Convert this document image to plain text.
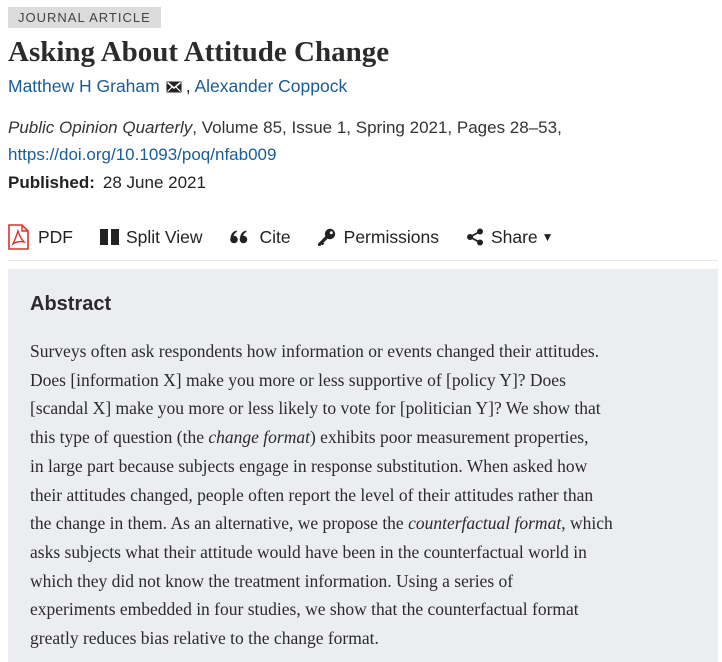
JOURNAL ARTICLE
Asking About Attitude Change
Matthew H Graham , Alexander Coppock
Public Opinion Quarterly, Volume 85, Issue 1, Spring 2021, Pages 28–53,
https://doi.org/10.1093/poq/nfab009
Published: 28 June 2021
PDF	Split View	Cite	Permissions	Share ▼
Abstract
Surveys often ask respondents how information or events changed their attitudes.
Does [information X] make you more or less supportive of [policy Y]? Does
[scandal X] make you more or less likely to vote for [politician Y]? We show that
this type of question (the change format) exhibits poor measurement properties,
in large part because subjects engage in response substitution. When asked how
their attitudes changed, people often report the level of their attitudes rather than
the change in them. As an alternative, we propose the counterfactual format, which
asks subjects what their attitude would have been in the counterfactual world in
which they did not know the treatment information. Using a series of
experiments embedded in four studies, we show that the counterfactual format
greatly reduces bias relative to the change format.
